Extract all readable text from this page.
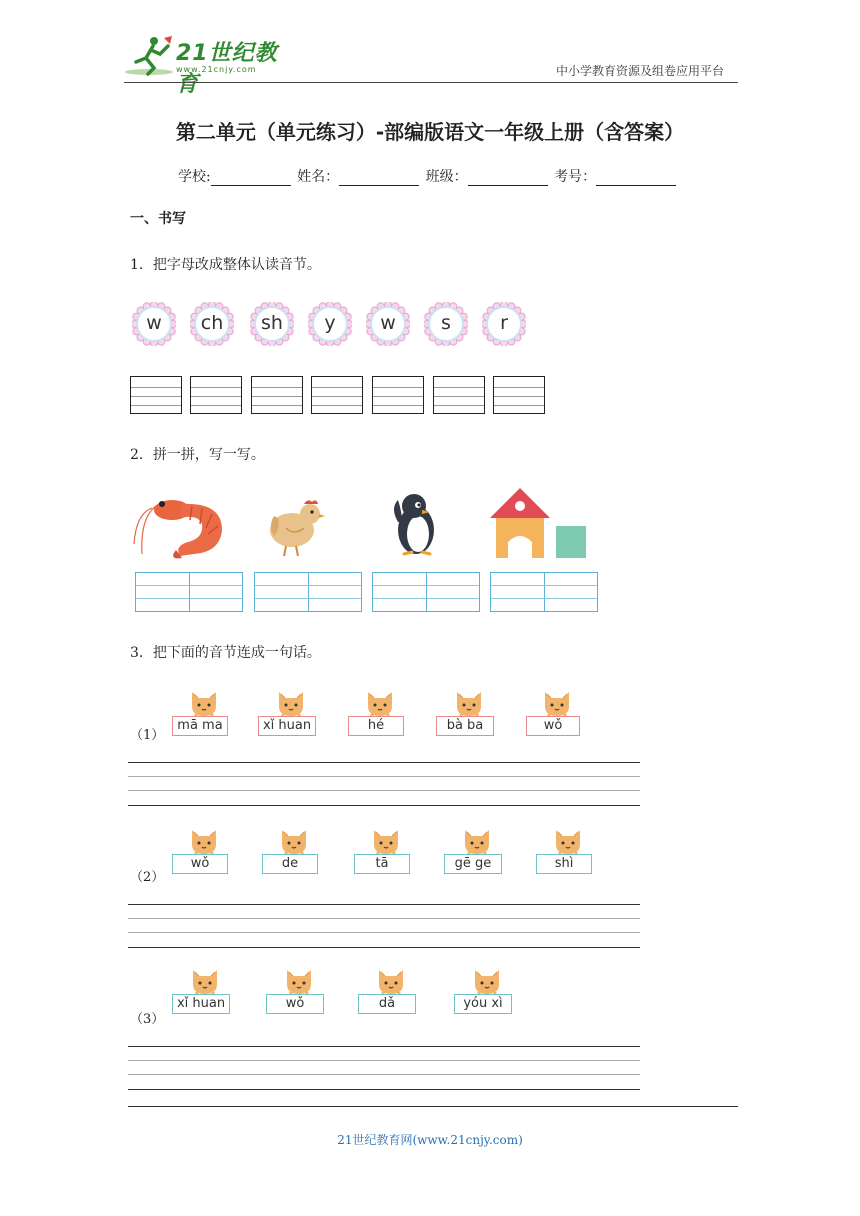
21世纪教育
www.21cnjy.com	中小学教育资源及组卷应用平台
第二单元（单元练习）-部编版语文一年级上册（含答案）
学校:	姓名：	班级：	考号：
一、书写
1．把字母改成整体认读音节。
w	ch	sh	y	w	s	r
2．拼一拼，写一写。
3．把下面的音节连成一句话。
（1）
mā ma	xǐ huan	hé	bà ba	wǒ
（2）
wǒ	de	tā	gē ge	shì
（3）
xǐ huan	wǒ	dǎ	yóu xì
21世纪教育网(www.21cnjy.com)
